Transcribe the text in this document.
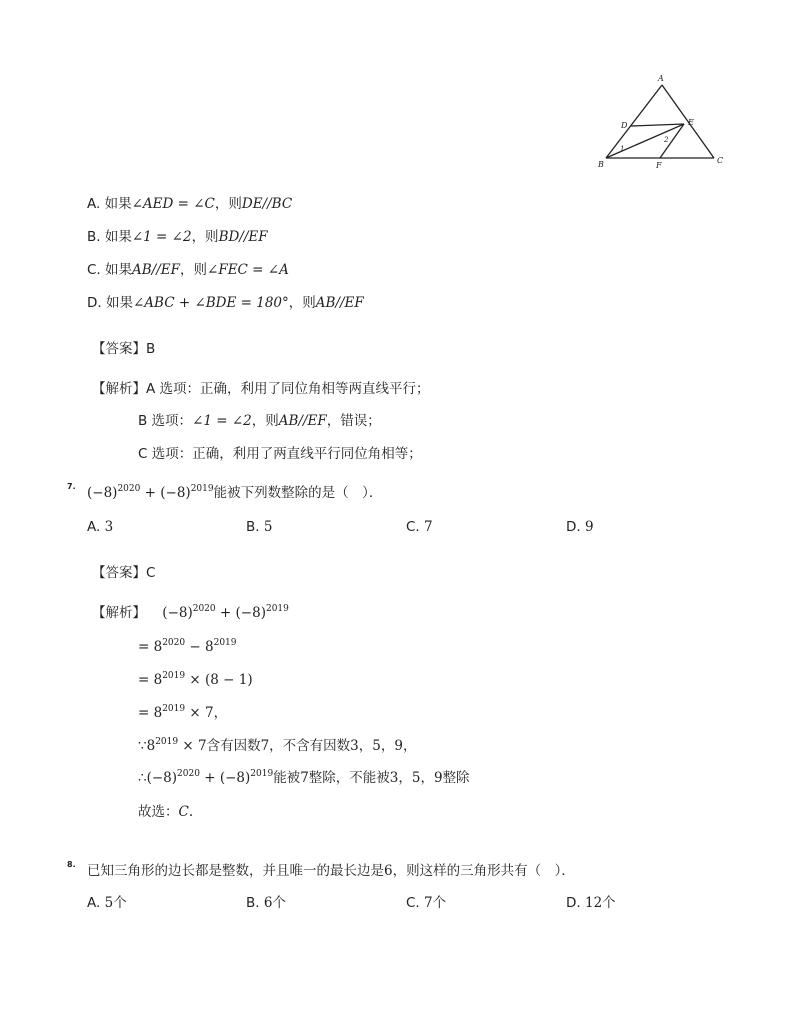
A
D	E
B	F
C
1
2
A. 如果∠AED = ∠C，则DE//BC
B. 如果∠1 = ∠2，则BD//EF
C. 如果AB//EF，则∠FEC = ∠A
D. 如果∠ABC + ∠BDE = 180°，则AB//EF
【答案】B
【解析】A 选项：正确，利用了同位角相等两直线平行；
B 选项：∠1 = ∠2，则AB//EF，错误；
C 选项：正确，利用了两直线平行同位角相等；
7. $(-8)^{2020} + (-8)^{2019}$能被下列数整除的是（　）．
A. 3	B. 5	C. 7	D. 9
【答案】C
【解析】 $(-8)^{2020} + (-8)^{2019}$
= $8^{2020} - 8^{2019}$
= $8^{2019} \times (8 - 1)$
= $8^{2019} \times 7$，
$\because 8^{2019} \times 7$含有因数7，不含有因数3，5，9，
$\therefore(-8)^{2020} + (-8)^{2019}$能被7整除，不能被3，5，9整除
故选：C.
8. 已知三角形的边长都是整数，并且唯一的最长边是6，则这样的三角形共有（　）．
A. 5个	B. 6个	C. 7个	D. 12个
